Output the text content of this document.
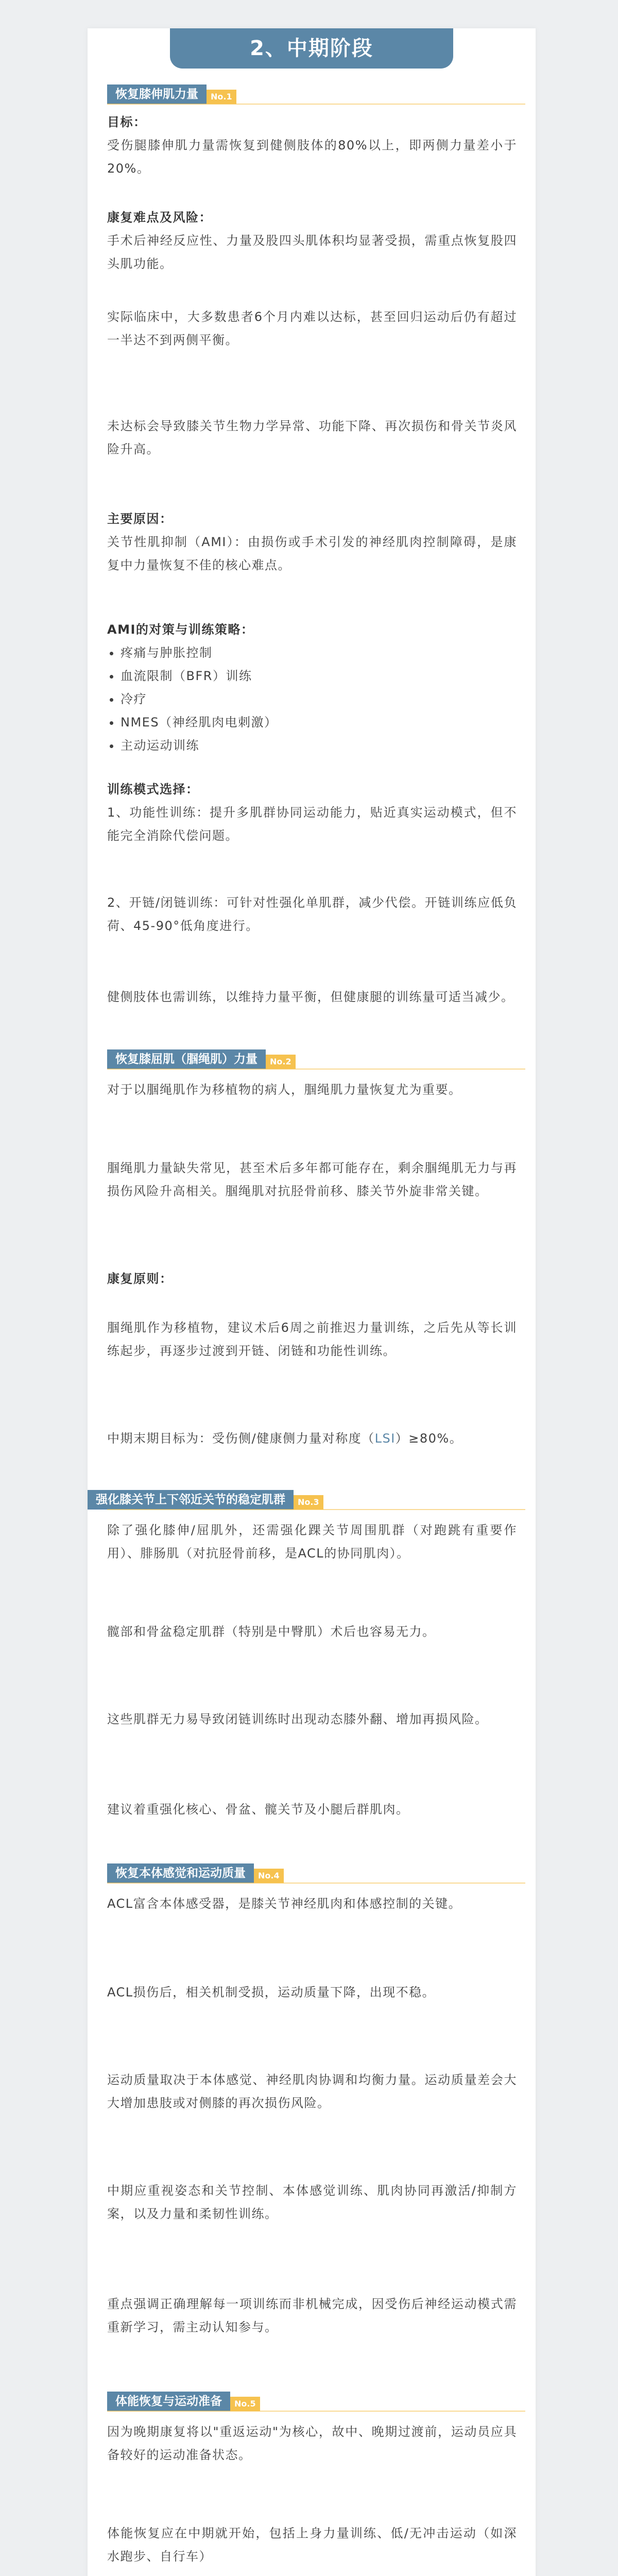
2、中期阶段
恢复膝伸肌力量	No.1
目标：
受伤腿膝伸肌力量需恢复到健侧肢体的80%以上，即两侧力量差小于20%。
康复难点及风险：
手术后神经反应性、力量及股四头肌体积均显著受损，需重点恢复股四头肌功能。
实际临床中，大多数患者6个月内难以达标，甚至回归运动后仍有超过一半达不到两侧平衡。
未达标会导致膝关节生物力学异常、功能下降、再次损伤和骨关节炎风险升高。
主要原因：
关节性肌抑制（AMI）：由损伤或手术引发的神经肌肉控制障碍，是康复中力量恢复不佳的核心难点。
AMI的对策与训练策略：
• 疼痛与肿胀控制
• 血流限制（BFR）训练
• 冷疗
• NMES（神经肌肉电刺激）
• 主动运动训练
训练模式选择：
1、功能性训练：提升多肌群协同运动能力，贴近真实运动模式，但不能完全消除代偿问题。
2、开链/闭链训练：可针对性强化单肌群，减少代偿。开链训练应低负荷、45-90°低角度进行。
健侧肢体也需训练，以维持力量平衡，但健康腿的训练量可适当减少。
恢复膝屈肌（腘绳肌）力量	No.2
对于以腘绳肌作为移植物的病人，腘绳肌力量恢复尤为重要。
腘绳肌力量缺失常见，甚至术后多年都可能存在，剩余腘绳肌无力与再损伤风险升高相关。腘绳肌对抗胫骨前移、膝关节外旋非常关键。
康复原则：
腘绳肌作为移植物，建议术后6周之前推迟力量训练，之后先从等长训练起步，再逐步过渡到开链、闭链和功能性训练。
中期末期目标为：受伤侧/健康侧力量对称度（LSI）≥80%。
强化膝关节上下邻近关节的稳定肌群	No.3
除了强化膝伸/屈肌外，还需强化踝关节周围肌群（对跑跳有重要作用）、腓肠肌（对抗胫骨前移，是ACL的协同肌肉）。
髋部和骨盆稳定肌群（特别是中臀肌）术后也容易无力。
这些肌群无力易导致闭链训练时出现动态膝外翻、增加再损风险。
建议着重强化核心、骨盆、髋关节及小腿后群肌肉。
恢复本体感觉和运动质量	No.4
ACL富含本体感受器，是膝关节神经肌肉和体感控制的关键。
ACL损伤后，相关机制受损，运动质量下降，出现不稳。
运动质量取决于本体感觉、神经肌肉协调和均衡力量。运动质量差会大大增加患肢或对侧膝的再次损伤风险。
中期应重视姿态和关节控制、本体感觉训练、肌肉协同再激活/抑制方案，以及力量和柔韧性训练。
重点强调正确理解每一项训练而非机械完成，因受伤后神经运动模式需重新学习，需主动认知参与。
体能恢复与运动准备	No.5
因为晚期康复将以"重返运动"为核心，故中、晚期过渡前，运动员应具备较好的运动准备状态。
体能恢复应在中期就开始，包括上身力量训练、低/无冲击运动（如深水跑步、自行车）
